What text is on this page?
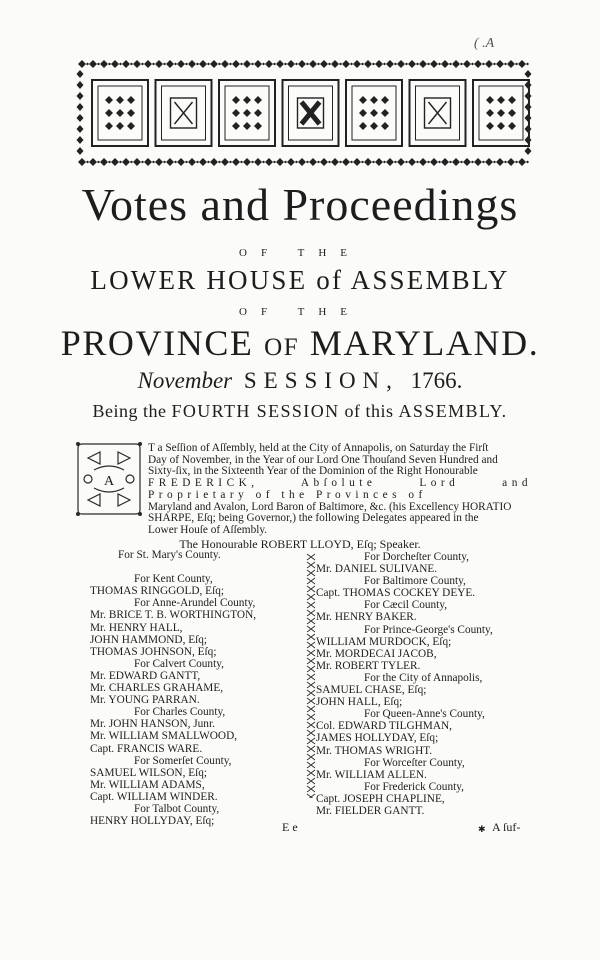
( .A
Votes and Proceedings
OF THE
LOWER HOUSE of ASSEMBLY
OF THE
PROVINCE of MARYLAND.
November SESSION, 1766.
Being the FOURTH SESSION of this ASSEMBLY.
A
T a Seſſion of Aſſembly, held at the City of Annapolis, on Saturday the Firſt
Day of November, in the Year of our Lord One Thouſand Seven Hundred and
Sixty-ſix, in the Sixteenth Year of the Dominion of the Right Honourable
FREDERICK, Abſolute Lord and Proprietary of the Provinces of
Maryland and Avalon, Lord Baron of Baltimore, &c. (his Excellency HORATIO
SHARPE, Eſq; being Governor,) the following Delegates appeared in the
Lower Houſe of Aſſembly.
The Honourable ROBERT LLOYD, Eſq; Speaker.
For St. Mary's County.
For Kent County,
THOMAS RINGGOLD, Eſq;
For Anne-Arundel County,
Mr. BRICE T. B. WORTHINGTON,
Mr. HENRY HALL,
JOHN HAMMOND, Eſq;
THOMAS JOHNSON, Eſq;
For Calvert County,
Mr. EDWARD GANTT,
Mr. CHARLES GRAHAME,
Mr. YOUNG PARRAN.
For Charles County,
Mr. JOHN HANSON, Junr.
Mr. WILLIAM SMALLWOOD,
Capt. FRANCIS WARE.
For Somerſet County,
SAMUEL WILSON, Eſq;
Mr. WILLIAM ADAMS,
Capt. WILLIAM WINDER.
For Talbot County,
HENRY HOLLYDAY, Eſq;
For Dorcheſter County,
Mr. DANIEL SULIVANE.
For Baltimore County,
Capt. THOMAS COCKEY DEYE.
For Cæcil County,
Mr. HENRY BAKER.
For Prince-George's County,
WILLIAM MURDOCK, Eſq;
Mr. MORDECAI JACOB,
Mr. ROBERT TYLER.
For the City of Annapolis,
SAMUEL CHASE, Eſq;
JOHN HALL, Eſq;
For Queen-Anne's County,
Col. EDWARD TILGHMAN,
JAMES HOLLYDAY, Eſq;
Mr. THOMAS WRIGHT.
For Worceſter County,
Mr. WILLIAM ALLEN.
For Frederick County,
Capt. JOSEPH CHAPLINE,
Mr. FIELDER GANTT.
E e	✱ A ſuf-
